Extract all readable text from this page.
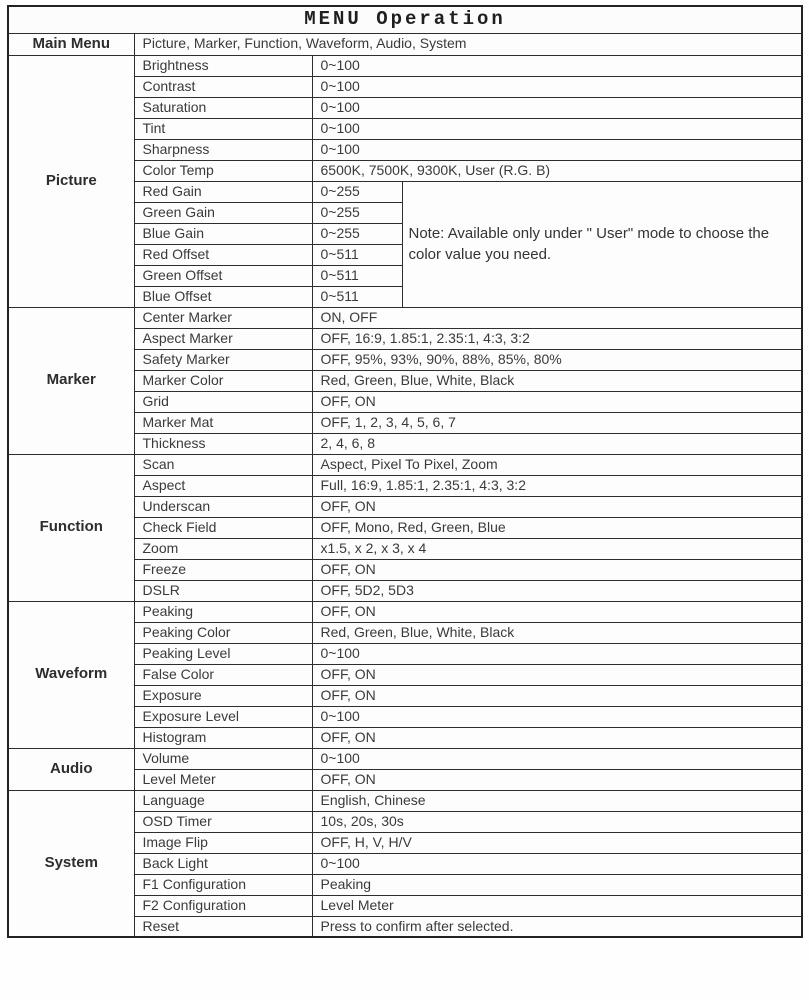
MENU Operation			
Main Menu	Picture, Marker, Function, Waveform, Audio, System		
Picture	Brightness	0~100	
	Contrast	0~100	
	Saturation	0~100	
	Tint	0~100	
	Sharpness	0~100	
	Color Temp	6500K, 7500K, 9300K, User (R.G. B)	
	Red Gain	0~255	Note: Available only under " User" mode to choose the color value you need.
	Green Gain	0~255	
	Blue Gain	0~255	
	Red Offset	0~511	
	Green Offset	0~511	
	Blue Offset	0~511	
Marker	Center Marker	ON, OFF	
	Aspect Marker	OFF, 16:9, 1.85:1, 2.35:1, 4:3, 3:2	
	Safety Marker	OFF, 95%, 93%, 90%, 88%, 85%, 80%	
	Marker Color	Red, Green, Blue, White, Black	
	Grid	OFF, ON	
	Marker Mat	OFF, 1, 2, 3, 4, 5, 6, 7	
	Thickness	2, 4, 6, 8	
Function	Scan	Aspect, Pixel To Pixel, Zoom	
	Aspect	Full, 16:9, 1.85:1, 2.35:1, 4:3, 3:2	
	Underscan	OFF, ON	
	Check Field	OFF, Mono, Red, Green, Blue	
	Zoom	x1.5, x 2, x 3, x 4	
	Freeze	OFF, ON	
	DSLR	OFF, 5D2, 5D3	
Waveform	Peaking	OFF, ON	
	Peaking Color	Red, Green, Blue, White, Black	
	Peaking Level	0~100	
	False Color	OFF, ON	
	Exposure	OFF, ON	
	Exposure Level	0~100	
	Histogram	OFF, ON	
Audio	Volume	0~100	
	Level Meter	OFF, ON	
System	Language	English, Chinese	
	OSD Timer	10s, 20s, 30s	
	Image Flip	OFF, H, V, H/V	
	Back Light	0~100	
	F1 Configuration	Peaking	
	F2 Configuration	Level Meter	
	Reset	Press to confirm after selected.	
